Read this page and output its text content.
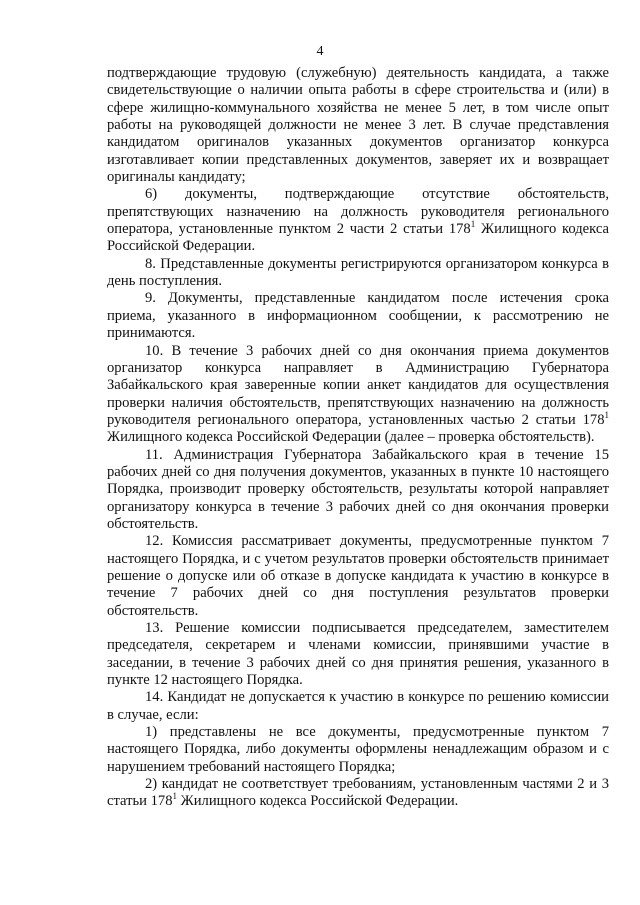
4

подтверждающие трудовую (служебную) деятельность кандидата, а также свидетельствующие о наличии опыта работы в сфере строительства и (или) в сфере жилищно-коммунального хозяйства не менее 5 лет, в том числе опыт работы на руководящей должности не менее 3 лет. В случае представления кандидатом оригиналов указанных документов организатор конкурса изготавливает копии представленных документов, заверяет их и возвращает оригиналы кандидату;

6) документы, подтверждающие отсутствие обстоятельств, препятствующих назначению на должность руководителя регионального оператора, установленные пунктом 2 части 2 статьи $178^1$ Жилищного кодекса Российской Федерации.

8. Представленные документы регистрируются организатором конкурса в день поступления.

9. Документы, представленные кандидатом после истечения срока приема, указанного в информационном сообщении, к рассмотрению не принимаются.

10. В течение 3 рабочих дней со дня окончания приема документов организатор конкурса направляет в Администрацию Губернатора Забайкальского края заверенные копии анкет кандидатов для осуществления проверки наличия обстоятельств, препятствующих назначению на должность руководителя регионального оператора, установленных частью 2 статьи $178^1$ Жилищного кодекса Российской Федерации (далее – проверка обстоятельств).

11. Администрация Губернатора Забайкальского края в течение 15 рабочих дней со дня получения документов, указанных в пункте 10 настоящего Порядка, производит проверку обстоятельств, результаты которой направляет организатору конкурса в течение 3 рабочих дней со дня окончания проверки обстоятельств.

12. Комиссия рассматривает документы, предусмотренные пунктом 7 настоящего Порядка, и с учетом результатов проверки обстоятельств принимает решение о допуске или об отказе в допуске кандидата к участию в конкурсе в течение 7 рабочих дней со дня поступления результатов проверки обстоятельств.

13. Решение комиссии подписывается председателем, заместителем председателя, секретарем и членами комиссии, принявшими участие в заседании, в течение 3 рабочих дней со дня принятия решения, указанного в пункте 12 настоящего Порядка.

14. Кандидат не допускается к участию в конкурсе по решению комиссии в случае, если:

1) представлены не все документы, предусмотренные пунктом 7 настоящего Порядка, либо документы оформлены ненадлежащим образом и с нарушением требований настоящего Порядка;

2) кандидат не соответствует требованиям, установленным частями 2 и 3 статьи $178^1$ Жилищного кодекса Российской Федерации.
